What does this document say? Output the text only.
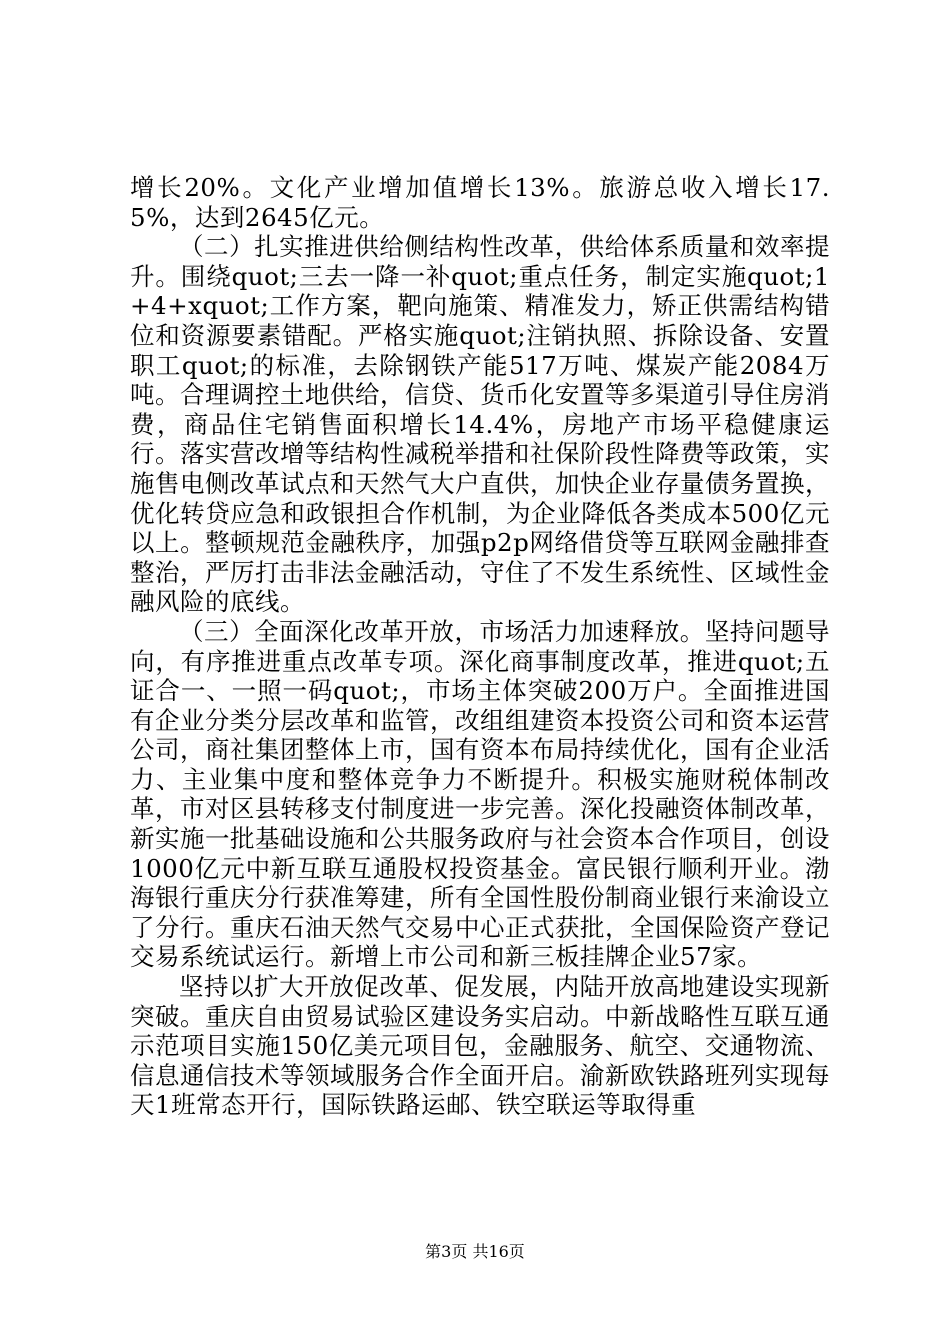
增长20%。文化产业增加值增长13%。旅游总收入增长17.5%，达到2645亿元。

（二）扎实推进供给侧结构性改革，供给体系质量和效率提升。围绕quot;三去一降一补quot;重点任务，制定实施quot;1+4+xquot;工作方案，靶向施策、精准发力，矫正供需结构错位和资源要素错配。严格实施quot;注销执照、拆除设备、安置职工quot;的标准，去除钢铁产能517万吨、煤炭产能2084万吨。合理调控土地供给，信贷、货币化安置等多渠道引导住房消费，商品住宅销售面积增长14.4%，房地产市场平稳健康运行。落实营改增等结构性减税举措和社保阶段性降费等政策，实施售电侧改革试点和天然气大户直供，加快企业存量债务置换，优化转贷应急和政银担合作机制，为企业降低各类成本500亿元以上。整顿规范金融秩序，加强p2p网络借贷等互联网金融排查整治，严厉打击非法金融活动，守住了不发生系统性、区域性金融风险的底线。

（三）全面深化改革开放，市场活力加速释放。坚持问题导向，有序推进重点改革专项。深化商事制度改革，推进quot;五证合一、一照一码quot;，市场主体突破200万户。全面推进国有企业分类分层改革和监管，改组组建资本投资公司和资本运营公司，商社集团整体上市，国有资本布局持续优化，国有企业活力、主业集中度和整体竞争力不断提升。积极实施财税体制改革，市对区县转移支付制度进一步完善。深化投融资体制改革，新实施一批基础设施和公共服务政府与社会资本合作项目，创设1000亿元中新互联互通股权投资基金。富民银行顺利开业。渤海银行重庆分行获准筹建，所有全国性股份制商业银行来渝设立了分行。重庆石油天然气交易中心正式获批，全国保险资产登记交易系统试运行。新增上市公司和新三板挂牌企业57家。

坚持以扩大开放促改革、促发展，内陆开放高地建设实现新突破。重庆自由贸易试验区建设务实启动。中新战略性互联互通示范项目实施150亿美元项目包，金融服务、航空、交通物流、信息通信技术等领域服务合作全面开启。渝新欧铁路班列实现每天1班常态开行，国际铁路运邮、铁空联运等取得重

第3页 共16页
